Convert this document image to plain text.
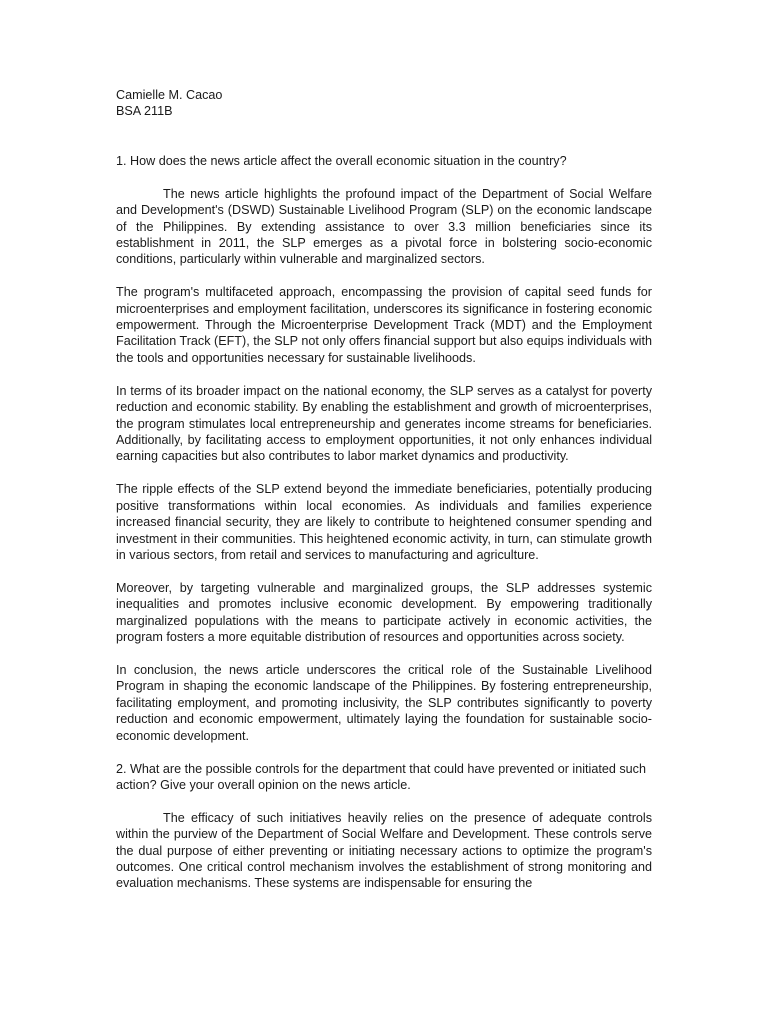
Camielle M. Cacao
BSA 211B

1. How does the news article affect the overall economic situation in the country?

The news article highlights the profound impact of the Department of Social Welfare and Development's (DSWD) Sustainable Livelihood Program (SLP) on the economic landscape of the Philippines. By extending assistance to over 3.3 million beneficiaries since its establishment in 2011, the SLP emerges as a pivotal force in bolstering socio-economic conditions, particularly within vulnerable and marginalized sectors.

The program's multifaceted approach, encompassing the provision of capital seed funds for microenterprises and employment facilitation, underscores its significance in fostering economic empowerment. Through the Microenterprise Development Track (MDT) and the Employment Facilitation Track (EFT), the SLP not only offers financial support but also equips individuals with the tools and opportunities necessary for sustainable livelihoods.

In terms of its broader impact on the national economy, the SLP serves as a catalyst for poverty reduction and economic stability. By enabling the establishment and growth of microenterprises, the program stimulates local entrepreneurship and generates income streams for beneficiaries. Additionally, by facilitating access to employment opportunities, it not only enhances individual earning capacities but also contributes to labor market dynamics and productivity.

The ripple effects of the SLP extend beyond the immediate beneficiaries, potentially producing positive transformations within local economies. As individuals and families experience increased financial security, they are likely to contribute to heightened consumer spending and investment in their communities. This heightened economic activity, in turn, can stimulate growth in various sectors, from retail and services to manufacturing and agriculture.

Moreover, by targeting vulnerable and marginalized groups, the SLP addresses systemic inequalities and promotes inclusive economic development. By empowering traditionally marginalized populations with the means to participate actively in economic activities, the program fosters a more equitable distribution of resources and opportunities across society.

In conclusion, the news article underscores the critical role of the Sustainable Livelihood Program in shaping the economic landscape of the Philippines. By fostering entrepreneurship, facilitating employment, and promoting inclusivity, the SLP contributes significantly to poverty reduction and economic empowerment, ultimately laying the foundation for sustainable socio-economic development.

2. What are the possible controls for the department that could have prevented or initiated such action? Give your overall opinion on the news article.

The efficacy of such initiatives heavily relies on the presence of adequate controls within the purview of the Department of Social Welfare and Development. These controls serve the dual purpose of either preventing or initiating necessary actions to optimize the program's outcomes. One critical control mechanism involves the establishment of strong monitoring and evaluation mechanisms. These systems are indispensable for ensuring the
